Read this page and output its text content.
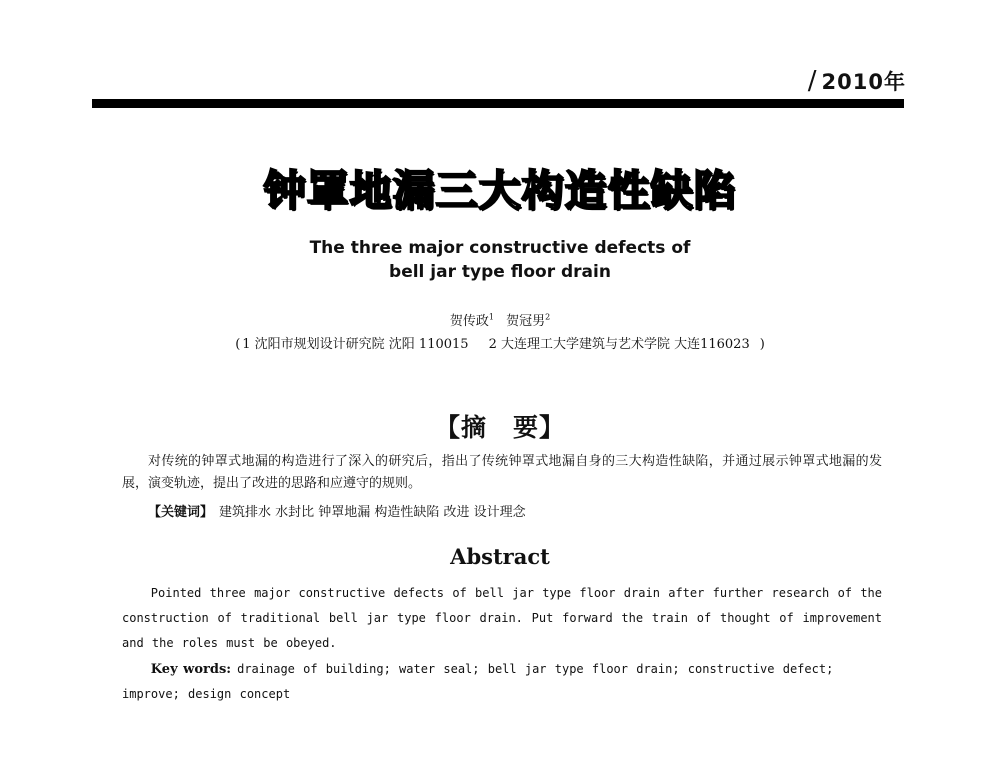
/ 2010年
钟罩地漏三大构造性缺陷
The three major constructive defects of
bell jar type floor drain
贺传政$^1$ 贺冠男$^2$
( 1 沈阳市规划设计研究院 沈阳 110015 2 大连理工大学建筑与艺术学院 大连116023 )
【摘　要】
对传统的钟罩式地漏的构造进行了深入的研究后，指出了传统钟罩式地漏自身的三大构造性缺陷，并通过展示钟罩式地漏的发展，演变轨迹，提出了改进的思路和应遵守的规则。
【关键词】 建筑排水 水封比 钟罩地漏 构造性缺陷 改进 设计理念
Abstract
Pointed three major constructive defects of bell jar type floor drain after further research of the construction of traditional bell jar type floor drain. Put forward the train of thought of improvement and the roles must be obeyed.
Key words: drainage of building; water seal; bell jar type floor drain; constructive defect; improve; design concept
